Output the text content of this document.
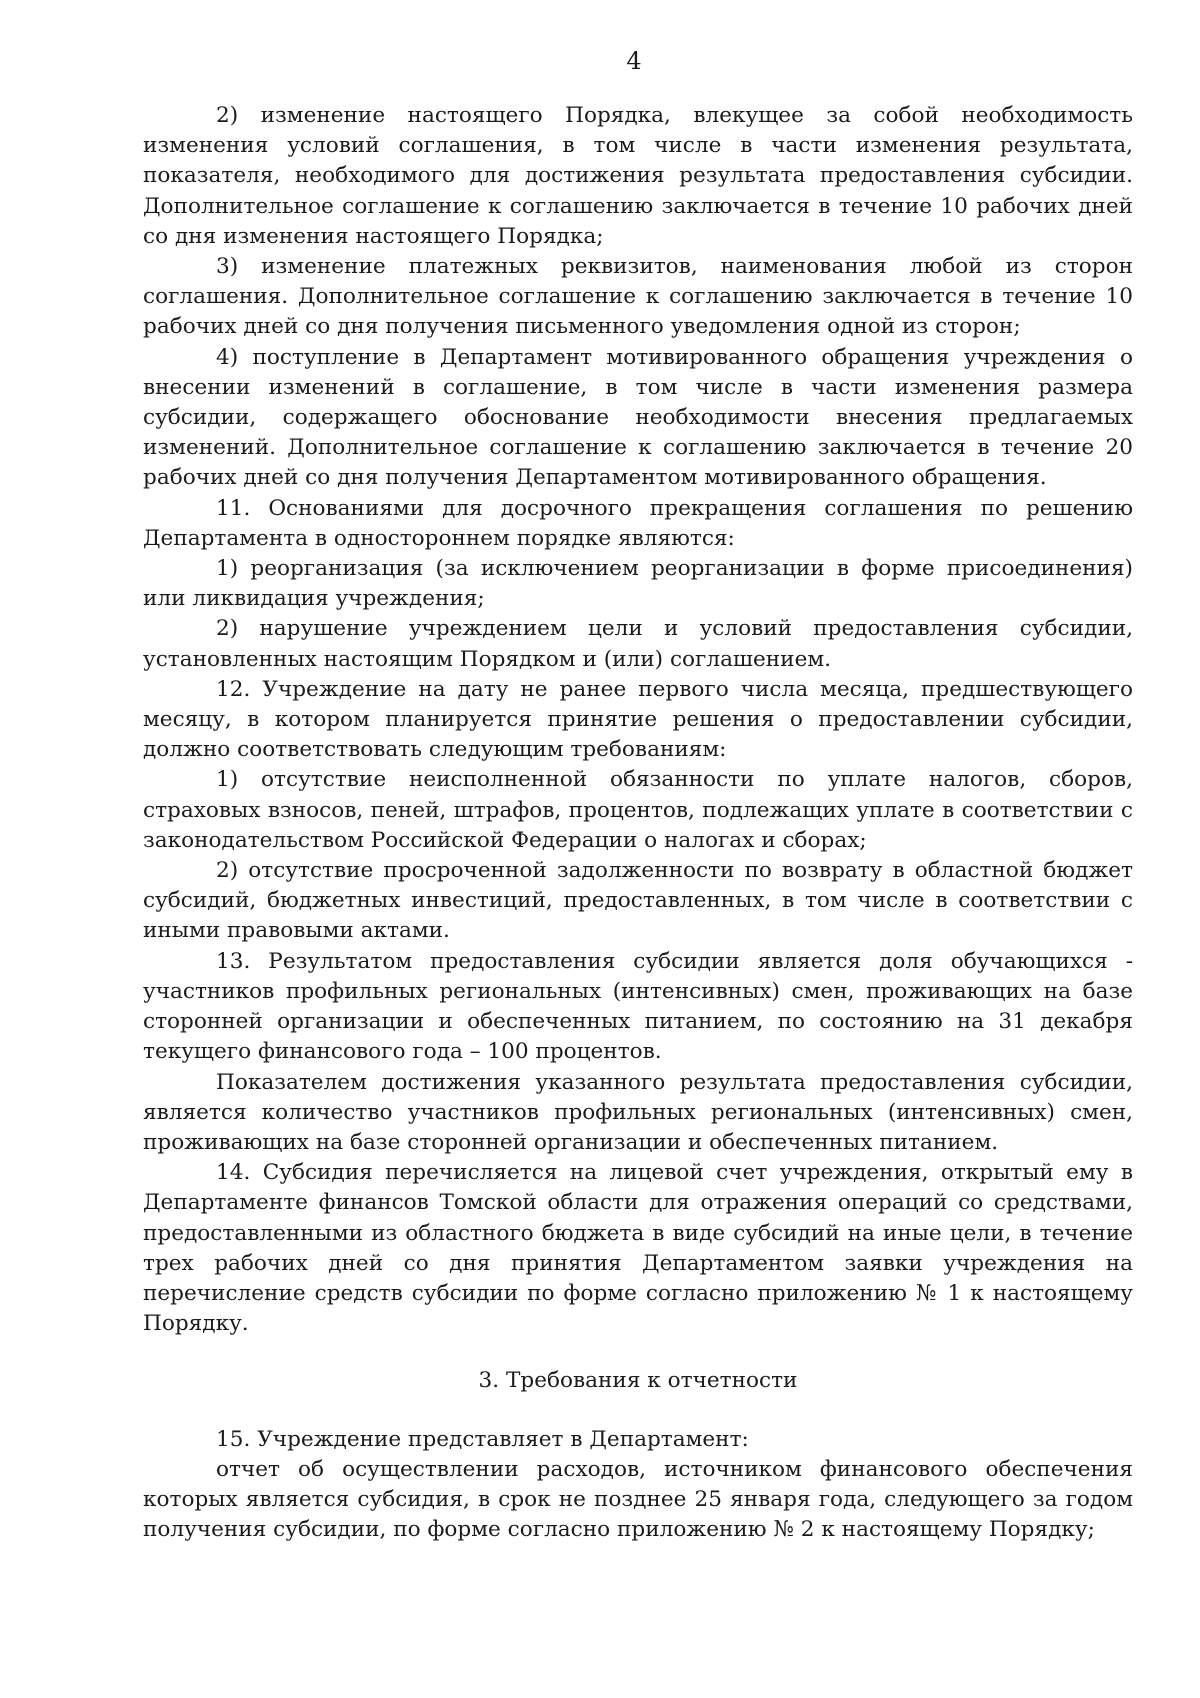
4

2) изменение настоящего Порядка, влекущее за собой необходимость изменения условий соглашения, в том числе в части изменения результата, показателя, необходимого для достижения результата предоставления субсидии. Дополнительное соглашение к соглашению заключается в течение 10 рабочих дней со дня изменения настоящего Порядка;

3) изменение платежных реквизитов, наименования любой из сторон соглашения. Дополнительное соглашение к соглашению заключается в течение 10 рабочих дней со дня получения письменного уведомления одной из сторон;

4) поступление в Департамент мотивированного обращения учреждения о внесении изменений в соглашение, в том числе в части изменения размера субсидии, содержащего обоснование необходимости внесения предлагаемых изменений. Дополнительное соглашение к соглашению заключается в течение 20 рабочих дней со дня получения Департаментом мотивированного обращения.

11. Основаниями для досрочного прекращения соглашения по решению Департамента в одностороннем порядке являются:

1) реорганизация (за исключением реорганизации в форме присоединения) или ликвидация учреждения;

2) нарушение учреждением цели и условий предоставления субсидии, установленных настоящим Порядком и (или) соглашением.

12. Учреждение на дату не ранее первого числа месяца, предшествующего месяцу, в котором планируется принятие решения о предоставлении субсидии, должно соответствовать следующим требованиям:

1) отсутствие неисполненной обязанности по уплате налогов, сборов, страховых взносов, пеней, штрафов, процентов, подлежащих уплате в соответствии с законодательством Российской Федерации о налогах и сборах;

2) отсутствие просроченной задолженности по возврату в областной бюджет субсидий, бюджетных инвестиций, предоставленных, в том числе в соответствии с иными правовыми актами.

13. Результатом предоставления субсидии является доля обучающихся - участников профильных региональных (интенсивных) смен, проживающих на базе сторонней организации и обеспеченных питанием, по состоянию на 31 декабря текущего финансового года – 100 процентов.

Показателем достижения указанного результата предоставления субсидии, является количество участников профильных региональных (интенсивных) смен, проживающих на базе сторонней организации и обеспеченных питанием.

14. Субсидия перечисляется на лицевой счет учреждения, открытый ему в Департаменте финансов Томской области для отражения операций со средствами, предоставленными из областного бюджета в виде субсидий на иные цели, в течение трех рабочих дней со дня принятия Департаментом заявки учреждения на перечисление средств субсидии по форме согласно приложению № 1 к настоящему Порядку.

3. Требования к отчетности

15. Учреждение представляет в Департамент:

отчет об осуществлении расходов, источником финансового обеспечения которых является субсидия, в срок не позднее 25 января года, следующего за годом получения субсидии, по форме согласно приложению № 2 к настоящему Порядку;
